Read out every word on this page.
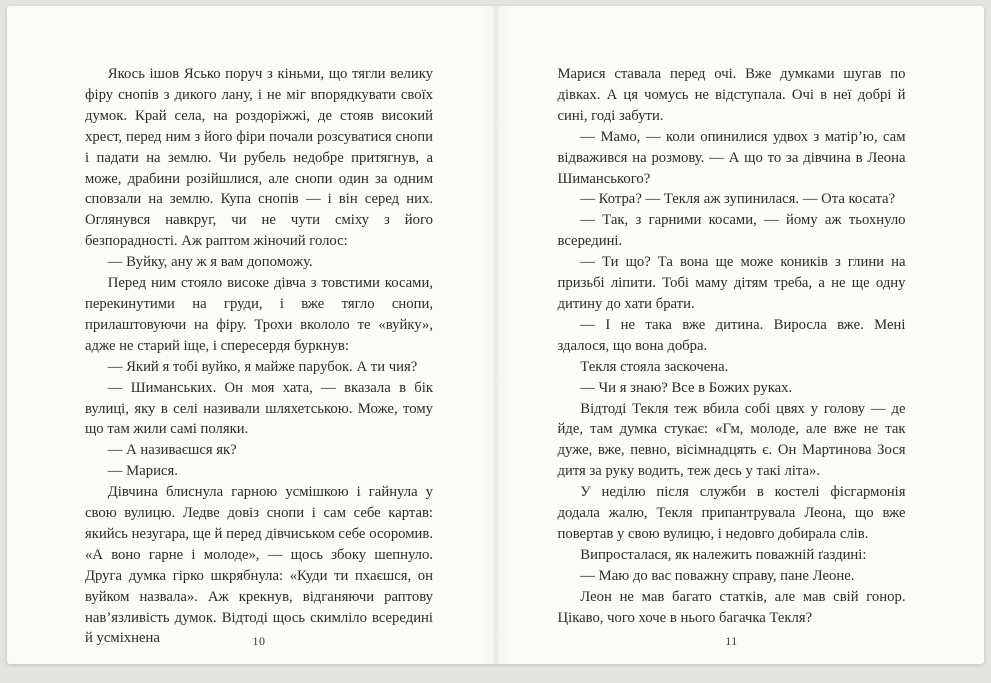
Якось ішов Ясько поруч з кіньми, що тягли велику фіру снопів з дикого лану, і не міг впорядкувати своїх думок. Край села, на роздоріжжі, де стояв високий хрест, перед ним з його фіри почали розсуватися снопи і падати на землю. Чи рубель недобре притягнув, а може, драбини розійшлися, але снопи один за одним сповзали на землю. Купа снопів — і він серед них. Оглянувся навкруг, чи не чути сміху з його безпорадності. Аж раптом жіночий голос:

— Вуйку, ану ж я вам допоможу.

Перед ним стояло високе дівча з товстими косами, перекинутими на груди, і вже тягло снопи, прилаштовуючи на фіру. Трохи вкололо те «вуйку», адже не старий іще, і спересердя буркнув:

— Який я тобі вуйко, я майже парубок. А ти чия?

— Шиманських. Он моя хата, — вказала в бік вулиці, яку в селі називали шляхетською. Може, тому що там жили самі поляки.

— А називаєшся як?

— Марися.

Дівчина блиснула гарною усмішкою і гайнула у свою вулицю. Ледве довіз снопи і сам себе картав: якийсь незугара, ще й перед дівчиськом себе осоромив. «А воно гарне і молоде», — щось збоку шепнуло. Друга думка гірко шкрябнула: «Куди ти пхаєшся, он вуйком назвала». Аж крекнув, відганяючи раптову нав’язливість думок. Відтоді щось скимліло всередині й усміхнена	10

Марися ставала перед очі. Вже думками шугав по дівках. А ця чомусь не відступала. Очі в неї добрі й сині, годі забути.

— Мамо, — коли опинилися удвох з матір’ю, сам відважився на розмову. — А що то за дівчина в Леона Шиманського?

— Котра? — Текля аж зупинилася. — Ота косата?

— Так, з гарними косами, — йому аж тьохнуло всередині.

— Ти що? Та вона ще може коників з глини на призьбі ліпити. Тобі маму дітям треба, а не ще одну дитину до хати брати.

— І не така вже дитина. Виросла вже. Мені здалося, що вона добра.

Текля стояла заскочена.

— Чи я знаю? Все в Божих руках.

Відтоді Текля теж вбила собі цвях у голову — де йде, там думка стукає: «Гм, молоде, але вже не так дуже, вже, певно, вісімнадцять є. Он Мартинова Зося дитя за руку водить, теж десь у такі літа».

У неділю після служби в костелі фісгармонія додала жалю, Текля припантрувала Леона, що вже повертав у свою вулицю, і недовго добирала слів.

Випросталася, як належить поважній ґаздині:

— Маю до вас поважну справу, пане Леоне.

Леон не мав багато статків, але мав свій гонор. Цікаво, чого хоче в нього багачка Текля?

11
